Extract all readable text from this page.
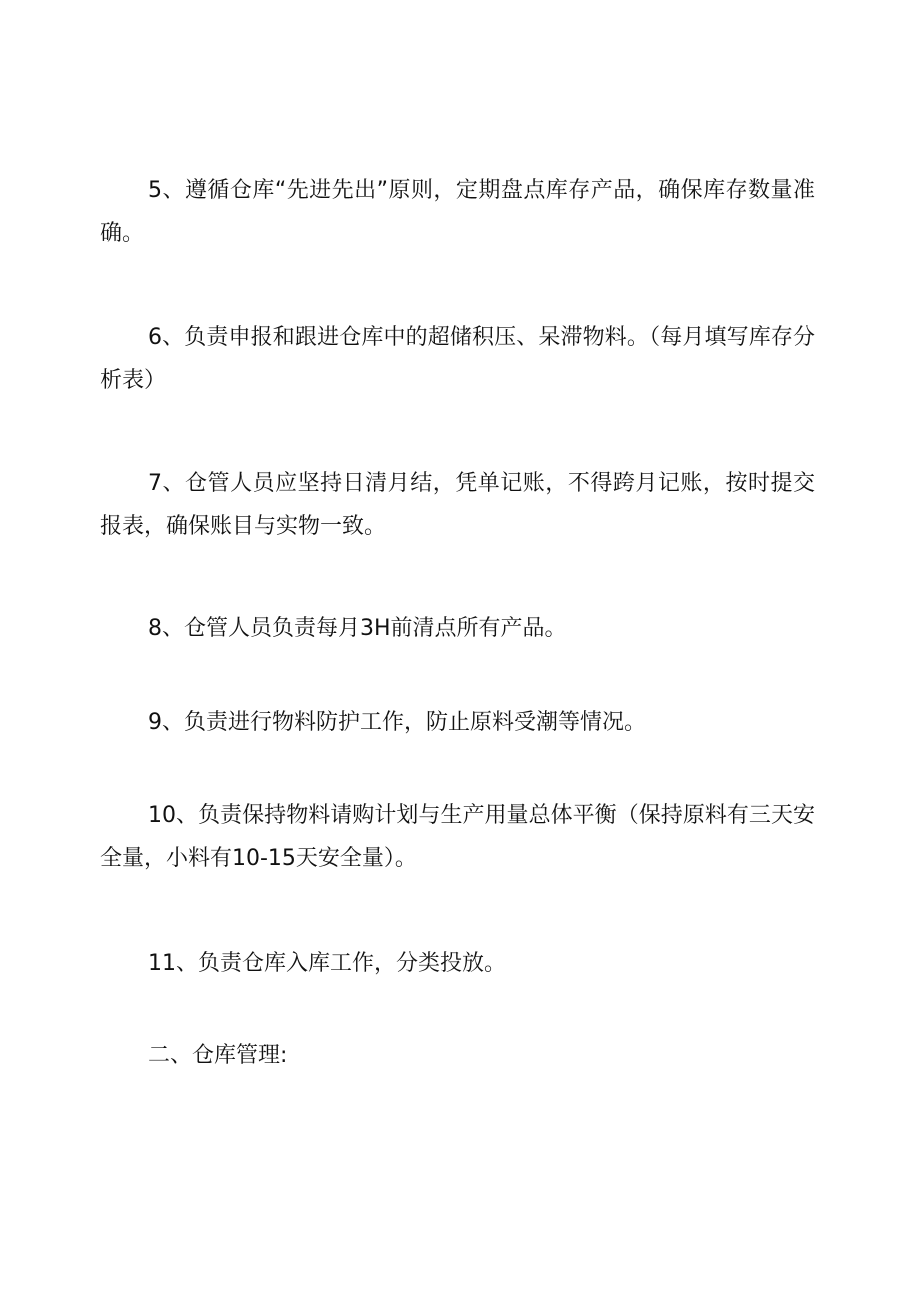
5、遵循仓库“先进先出”原则，定期盘点库存产品，确保库存数量准确。

6、负责申报和跟进仓库中的超储积压、呆滞物料。（每月填写库存分析表）

7、仓管人员应坚持日清月结，凭单记账，不得跨月记账，按时提交报表，确保账目与实物一致。

8、仓管人员负责每月3H前清点所有产品。

9、负责进行物料防护工作，防止原料受潮等情况。

10、负责保持物料请购计划与生产用量总体平衡（保持原料有三天安全量，小料有10-15天安全量）。

11、负责仓库入库工作，分类投放。

二、仓库管理:
